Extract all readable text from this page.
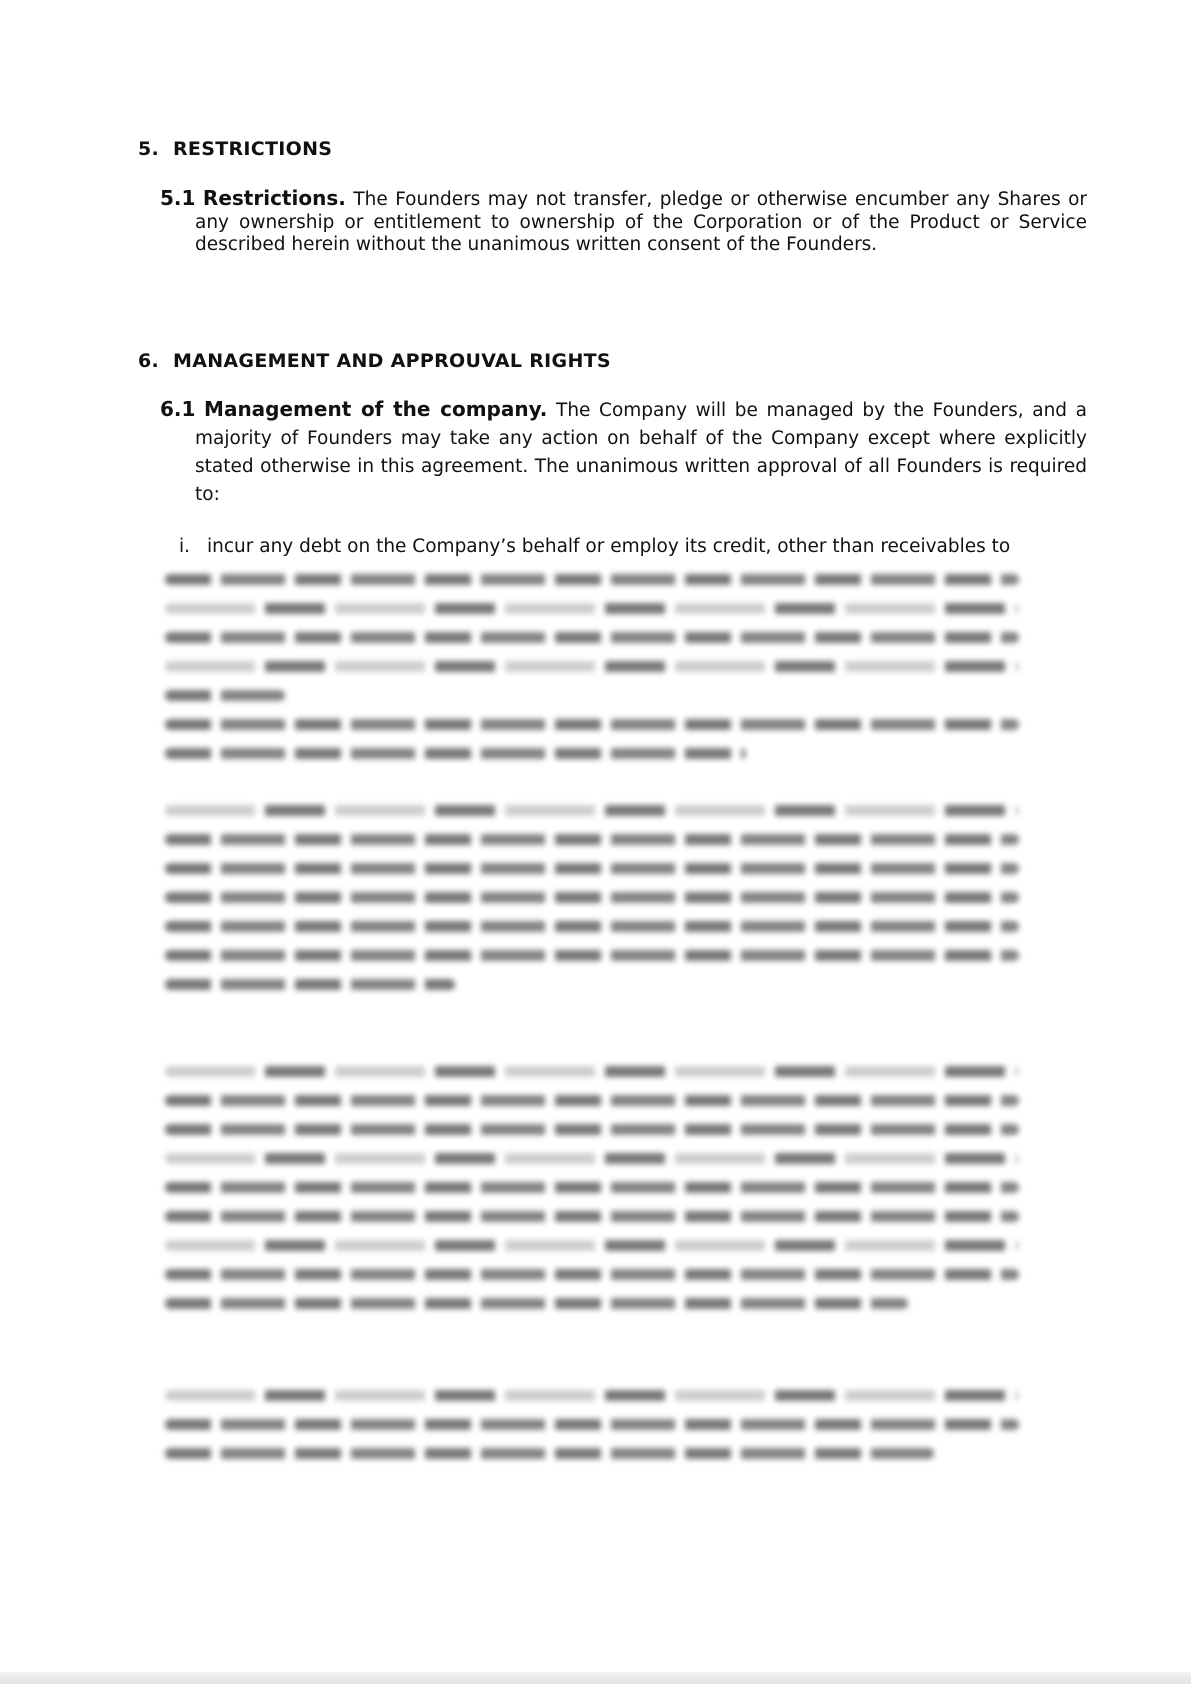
5. RESTRICTIONS
5.1 Restrictions. The Founders may not transfer, pledge or otherwise encumber any Shares or any ownership or entitlement to ownership of the Corporation or of the Product or Service described herein without the unanimous written consent of the Founders.
6. MANAGEMENT AND APPROUVAL RIGHTS
6.1 Management of the company. The Company will be managed by the Founders, and a majority of Founders may take any action on behalf of the Company except where explicitly stated otherwise in this agreement. The unanimous written approval of all Founders is required to:
i. incur any debt on the Company’s behalf or employ its credit, other than receivables to
